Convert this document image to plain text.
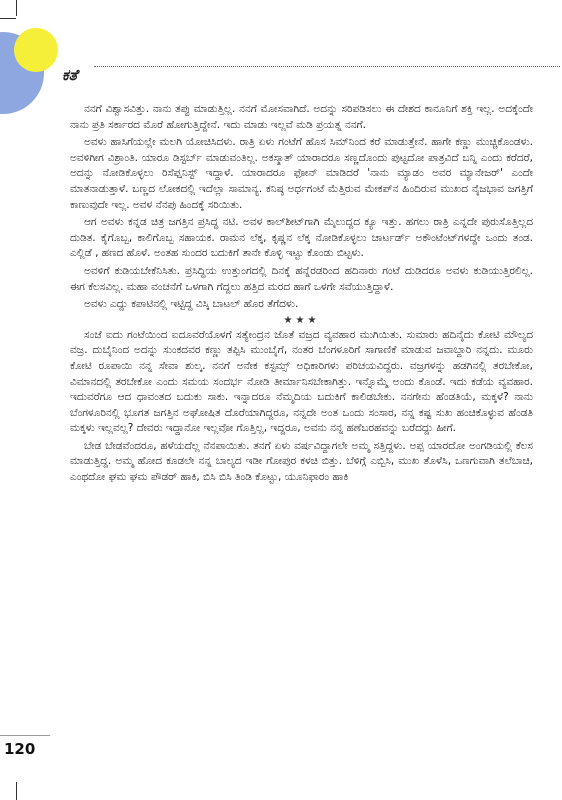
ಕತೆ

ನನಗೆ ವಿಶ್ವಾಸವಿತ್ತು. ನಾನು ತಪ್ಪು ಮಾಡುತ್ತಿಲ್ಲ. ನನಗೆ ಮೋಸವಾಗಿದೆ. ಅದನ್ನು ಸರಿಪಡಿಸಲು ಈ ದೇಶದ ಕಾನೂನಿಗೆ ಶಕ್ತಿ ಇಲ್ಲ. ಅದಕ್ಕೆಂದೇ ನಾನು ಪ್ರತಿ ಸರ್ಕಾರದ ಮೊರೆ ಹೋಗುತ್ತಿದ್ದೇನೆ. ಇದು ಮಾಡು ಇಲ್ಲವೆ ಮಡಿ ಪ್ರಯತ್ನ ನನಗೆ.

ಅವಳು ಹಾಸಿಗೆಯಲ್ಲೇ ಮಲಗಿ ಯೋಚಿಸಿದಳು. ರಾತ್ರಿ ಏಳು ಗಂಟೆಗೆ ಹೊಸ ಸಿಮ್‌ನಿಂದ ಕರೆ ಮಾಡುತ್ತೇನೆ. ಹಾಗೇ ಕಣ್ಣು ಮುಚ್ಚಿಕೊಂಡಳು. ಅವಳಿಗೀಗ ವಿಶ್ರಾಂತಿ. ಯಾರೂ ಡಿಸ್ಟರ್ಬ್ ಮಾಡುವಂತಿಲ್ಲ. ಅಕಸ್ಮಾತ್ ಯಾರಾದರೂ ಸಣ್ಣದೊಂದು ಪುಟ್ಟದೋ ಪಾತ್ರವಿದೆ ಬನ್ನಿ ಎಂದು ಕರೆದರೆ, ಅದನ್ನು ನೋಡಿಕೊಳ್ಳಲು ರಿಸೆಪ್ಷನಿಸ್ಟ್ ಇದ್ದಾಳೆ. ಯಾರಾದರೂ ಫೋನ್ ಮಾಡಿದರೆ 'ನಾನು ಮ್ಯಾಡಂ ಅವರ ಮ್ಯಾನೇಜರ್' ಎಂದೇ ಮಾತನಾಡುತ್ತಾಳೆ. ಬಣ್ಣದ ಲೋಕದಲ್ಲಿ ಇದೆಲ್ಲಾ ಸಾಮಾನ್ಯ. ಕನಿಷ್ಠ ಅರ್ಧಗಂಟೆ ಮೆತ್ತಿರುವ ಮೇಕಪ್‌ನ ಹಿಂದಿರುವ ಮುಖದ ನೈಜಭಾವ ಜಗತ್ತಿಗೆ ಕಾಣುವುದೇ ಇಲ್ಲ. ಅವಳ ನೆನಪು ಹಿಂದಕ್ಕೆ ಸರಿಯಿತು.

ಆಗ ಅವಳು ಕನ್ನಡ ಚಿತ್ರ ಜಗತ್ತಿನ ಪ್ರಸಿದ್ಧ ನಟಿ. ಅವಳ ಕಾಲ್‌ಶೀಟ್‌ಗಾಗಿ ಮೈಲುದ್ದದ ಕ್ಯೂ ಇತ್ತು. ಹಗಲು ರಾತ್ರಿ ಎನ್ನದೇ ಪುರುಸೊತ್ತಿಲ್ಲದ ದುಡಿತ. ಕೈಗೊಬ್ಬ, ಕಾಲಿಗೊಬ್ಬ ಸಹಾಯಕ. ರಾಮನ ಲೆಕ್ಕ, ಕೃಷ್ಣನ ಲೆಕ್ಕ ನೋಡಿಕೊಳ್ಳಲು ಚಾರ್ಟರ್ಡ್ ಅಕೌಂಟೆಂಟ್‌ಗಳದ್ದೇ ಒಂದು ತಂಡ. ಎಲ್ಲಿಡೆ , ಹಣದ ಹೊಳೆ. ಅಂತಹ ಸುಂದರ ಬದುಕಿಗೆ ತಾನೇ ಕೊಳ್ಳಿ ಇಟ್ಟು ಕೊಂಡು ಬಿಟ್ಟಳು.

ಅವಳಿಗೆ ಕುಡಿಯಬೇಕೆನಿಸಿತು. ಪ್ರಸಿದ್ಧಿಯ ಉತ್ತುಂಗದಲ್ಲಿ ದಿನಕ್ಕೆ ಹನ್ನೆರಡರಿಂದ ಹದಿನಾರು ಗಂಟೆ ದುಡಿದರೂ ಅವಳು ಕುಡಿಯುತ್ತಿರಲಿಲ್ಲ. ಈಗ ಕೆಲಸವಿಲ್ಲ. ಮಹಾ ವಂಚನೆಗೆ ಒಳಗಾಗಿ ಗೆದ್ದಲು ಹತ್ತಿದ ಮರದ ಹಾಗೆ ಒಳಗೇ ಸವೆಯುತ್ತಿದ್ದಾಳೆ.

ಅವಳು ಎದ್ದು ಕಪಾಟಿನಲ್ಲಿ ಇಟ್ಟಿದ್ದ ವಿಸ್ಕಿ ಬಾಟಲ್ ಹೊರ ತೆಗೆದಳು.

★★★

ಸಂಜೆ ಐದು ಗಂಟೆಯಿಂದ ಐದೂವರೆಯೊಳಗೆ ಸತ್ಯೇಂದ್ರನ ಜೊತೆ ವಜ್ರದ ವ್ಯವಹಾರ ಮುಗಿಯಿತು. ಸುಮಾರು ಹದಿನೈದು ಕೋಟಿ ಮೌಲ್ಯದ ವಜ್ರ. ದುಬೈನಿಂದ ಅದನ್ನು ಸುಂಕದವರ ಕಣ್ಣು ತಪ್ಪಿಸಿ ಮುಂಬೈಗೆ, ನಂತರ ಬೆಂಗಳೂರಿಗೆ ಸಾಗಾಣಿಕೆ ಮಾಡುವ ಜವಾಬ್ದಾರಿ ನನ್ನದು. ಮೂರು ಕೋಟಿ ರೂಪಾಯಿ ನನ್ನ ಸೇವಾ ಶುಲ್ಕ. ನನಗೆ ಅನೇಕ ಕಸ್ಟಮ್ಸ್ ಅಧಿಕಾರಿಗಳು ಪರಿಚಯವಿದ್ದರು. ವಜ್ರಗಳನ್ನು ಹಡಗಿನಲ್ಲಿ ತರಬೇಕೋ, ವಿಮಾನದಲ್ಲಿ ತರಬೇಕೋ ಎಂದು ಸಮಯ ಸಂದರ್ಭ ನೋಡಿ ತೀರ್ಮಾನಿಸಬೇಕಾಗಿತ್ತು. ಇನ್ನೊಮ್ಮೆ ಅಂದು ಕೊಂಡೆ. ಇದು ಕಡೆಯ ವ್ಯವಹಾರ. ಇದುವರೆಗೂ ಆದ ಧಾವಂತದ ಬದುಕು ಸಾಕು. ಇನ್ನಾದರೂ ನೆಮ್ಮದಿಯ ಬದುಕಿಗೆ ಕಾಲಿಡಬೇಕು. ನನಗೇನು ಹೆಂಡತಿಯೆ, ಮಕ್ಕಳೆ? ನಾನು ಬೆಂಗಳೂರಿನಲ್ಲಿ ಭೂಗತ ಜಗತ್ತಿನ ಅಘೋಷಿತ ದೊರೆಯಾಗಿದ್ದರೂ, ನನ್ನದೇ ಅಂತ ಒಂದು ಸಂಸಾರ, ನನ್ನ ಕಷ್ಟ ಸುಖ ಹಂಚಿಕೊಳ್ಳುವ ಹೆಂಡತಿ ಮಕ್ಕಳು ಇಲ್ಲವಲ್ಲ? ದೇವರು ಇದ್ದಾನೋ ಇಲ್ಲವೋ ಗೊತ್ತಿಲ್ಲ, ಇದ್ದರೂ, ಅವನು ನನ್ನ ಹಣೆಬರಹವನ್ನು ಬರೆದದ್ದು ಹೀಗೆ.

ಬೇಡ ಬೇಡವೆಂದರೂ, ಹಳೆಯದೆಲ್ಲ ನೆನಪಾಯಿತು. ತನಗೆ ಏಳು ವರ್ಷವಿದ್ದಾಗಲೇ ಅಮ್ಮ ಸತ್ತಿದ್ದಳು. ಅಪ್ಪ ಯಾರದೋ ಅಂಗಡಿಯಲ್ಲಿ ಕೆಲಸ ಮಾಡುತ್ತಿದ್ದ. ಅಮ್ಮ ಹೋದ ಕೂಡಲೇ ನನ್ನ ಬಾಲ್ಯದ ಇಡೀ ಗೋಪುರ ಕಳಚಿ ಬಿತ್ತು. ಬೆಳಿಗ್ಗೆ ಎಬ್ಬಿಸಿ, ಮುಖ ತೊಳೆಸಿ, ಒಣಗುವಾಗಿ ತಲೆಬಾಚಿ, ಎಂಥದೋ ಘಮ ಘಮ ಪೌಡರ್ ಹಾಕಿ, ಬಿಸಿ ಬಿಸಿ ತಿಂಡಿ ಕೊಟ್ಟು, ಯೂನಿಫಾರಂ ಹಾಕಿ

120
